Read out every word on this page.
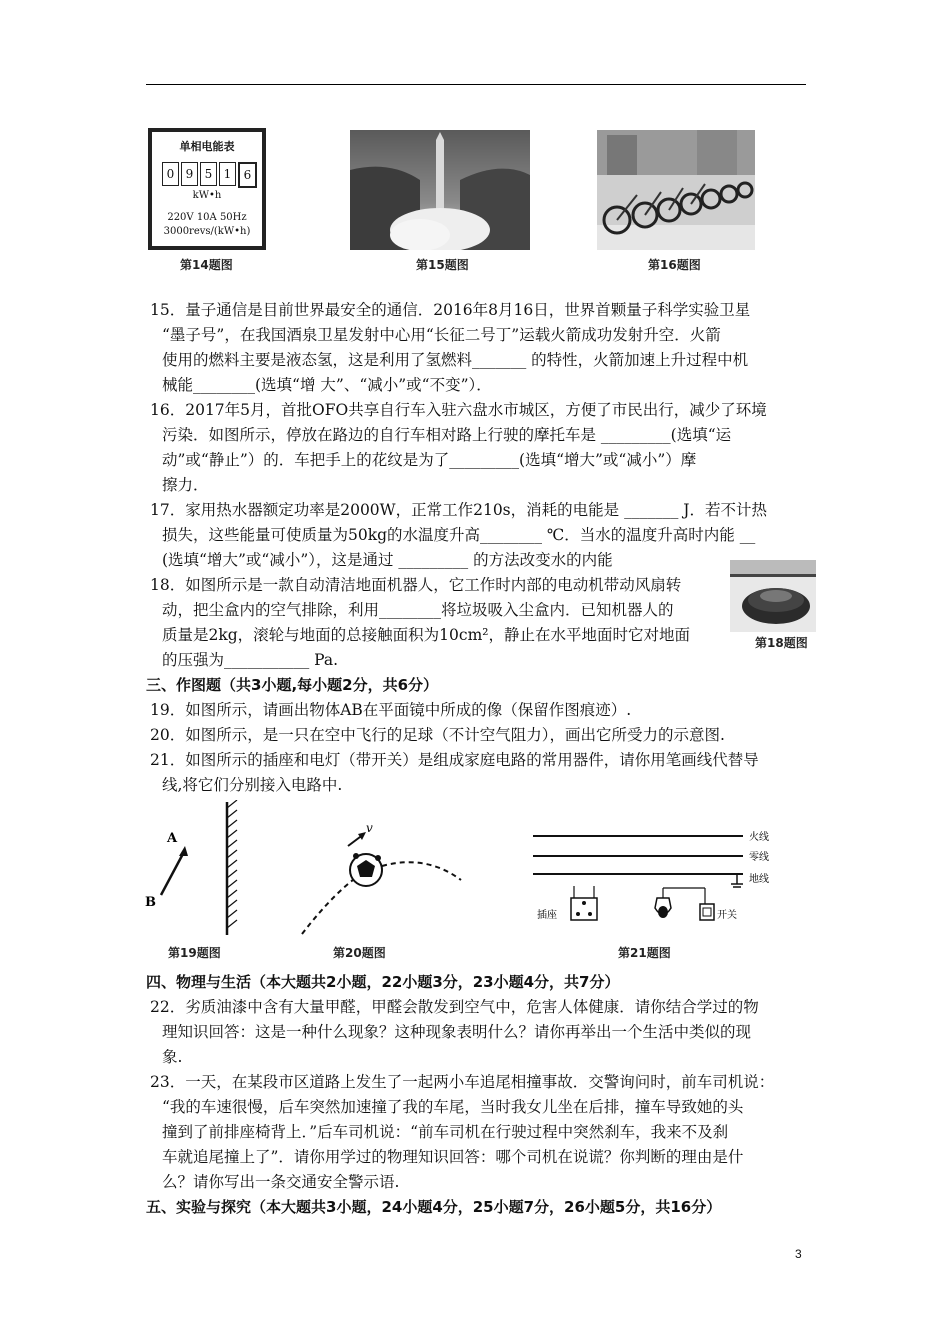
单相电能表
0 9 5 1	6
kW•h
220V 10A 50Hz
3000revs/(kW•h)
第14题图	第15题图	第16题图
第18题图
A
B
第19题图
v
第20题图
火线
零线
地线
插座	开关
第21题图
15．量子通信是目前世界最安全的通信．2016年8月16日，世界首颗量子科学实验卫星
“墨子号”，在我国酒泉卫星发射中心用“长征二号丁”运载火箭成功发射升空．火箭
使用的燃料主要是液态氢，这是利用了氢燃料_______ 的特性，火箭加速上升过程中机
械能________(选填“增 大”、“减小”或“不变”）．
16．2017年5月，首批OFO共享自行车入驻六盘水市城区，方便了市民出行，减少了环境
污染．如图所示，停放在路边的自行车相对路上行驶的摩托车是 _________(选填“运
动”或“静止”）的．车把手上的花纹是为了_________(选填“增大”或“减小”）摩
擦力．
17．家用热水器额定功率是2000W，正常工作210s，消耗的电能是 _______ J．若不计热
损失，这些能量可使质量为50kg的水温度升高________ ℃．当水的温度升高时内能 __
(选填“增大”或“减小”），这是通过 _________ 的方法改变水的内能
18．如图所示是一款自动清洁地面机器人，它工作时内部的电动机带动风扇转
动，把尘盒内的空气排除，利用________将垃圾吸入尘盒内．已知机器人的
质量是2kg，滚轮与地面的总接触面积为10cm²，静止在水平地面时它对地面
的压强为___________ Pa.
三、作图题（共3小题,每小题2分，共6分）
19．如图所示，请画出物体AB在平面镜中所成的像（保留作图痕迹）.
20．如图所示，是一只在空中飞行的足球（不计空气阻力），画出它所受力的示意图.
21．如图所示的插座和电灯（带开关）是组成家庭电路的常用器件，请你用笔画线代替导
线,将它们分别接入电路中.
四、物理与生活（本大题共2小题，22小题3分，23小题4分，共7分）
22．劣质油漆中含有大量甲醛，甲醛会散发到空气中，危害人体健康．请你结合学过的物
理知识回答：这是一种什么现象？这种现象表明什么？请你再举出一个生活中类似的现
象.
23．一天，在某段市区道路上发生了一起两小车追尾相撞事故．交警询问时，前车司机说：
“我的车速很慢，后车突然加速撞了我的车尾，当时我女儿坐在后排，撞车导致她的头
撞到了前排座椅背上．”后车司机说：“前车司机在行驶过程中突然刹车，我来不及刹
车就追尾撞上了”．请你用学过的物理知识回答：哪个司机在说谎？你判断的理由是什
么？请你写出一条交通安全警示语.
五、实验与探究（本大题共3小题，24小题4分，25小题7分，26小题5分，共16分）
3
